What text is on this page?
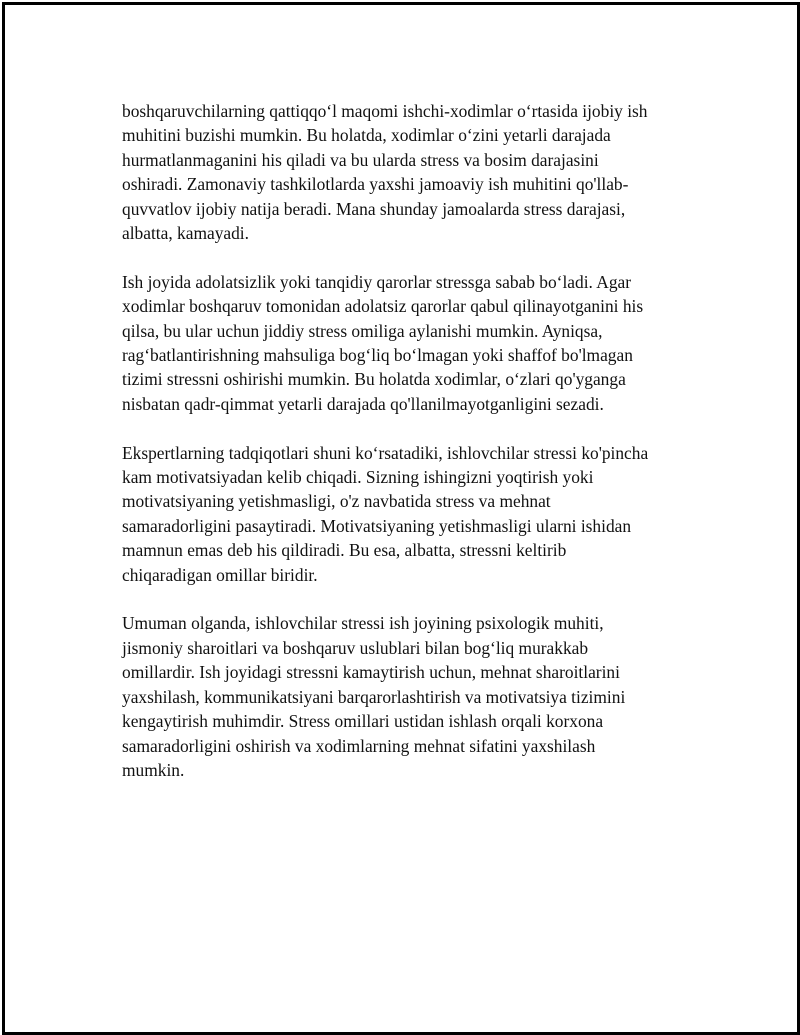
boshqaruvchilarning qattiqqo‘l maqomi ishchi-xodimlar o‘rtasida ijobiy ish
muhitini buzishi mumkin. Bu holatda, xodimlar o‘zini yetarli darajada
hurmatlanmaganini his qiladi va bu ularda stress va bosim darajasini
oshiradi. Zamonaviy tashkilotlarda yaxshi jamoaviy ish muhitini qo'llab-
quvvatlov ijobiy natija beradi. Mana shunday jamoalarda stress darajasi,
albatta, kamayadi.

Ish joyida adolatsizlik yoki tanqidiy qarorlar stressga sabab bo‘ladi. Agar
xodimlar boshqaruv tomonidan adolatsiz qarorlar qabul qilinayotganini his
qilsa, bu ular uchun jiddiy stress omiliga aylanishi mumkin. Ayniqsa,
rag‘batlantirishning mahsuliga bog‘liq bo‘lmagan yoki shaffof bo'lmagan
tizimi stressni oshirishi mumkin. Bu holatda xodimlar, o‘zlari qo'yganga
nisbatan qadr-qimmat yetarli darajada qo'llanilmayotganligini sezadi.

Ekspertlarning tadqiqotlari shuni ko‘rsatadiki, ishlovchilar stressi ko'pincha
kam motivatsiyadan kelib chiqadi. Sizning ishingizni yoqtirish yoki
motivatsiyaning yetishmasligi, o'z navbatida stress va mehnat
samaradorligini pasaytiradi. Motivatsiyaning yetishmasligi ularni ishidan
mamnun emas deb his qildiradi. Bu esa, albatta, stressni keltirib
chiqaradigan omillar biridir.

Umuman olganda, ishlovchilar stressi ish joyining psixologik muhiti,
jismoniy sharoitlari va boshqaruv uslublari bilan bog‘liq murakkab
omillardir. Ish joyidagi stressni kamaytirish uchun, mehnat sharoitlarini
yaxshilash, kommunikatsiyani barqarorlashtirish va motivatsiya tizimini
kengaytirish muhimdir. Stress omillari ustidan ishlash orqali korxona
samaradorligini oshirish va xodimlarning mehnat sifatini yaxshilash
mumkin.
